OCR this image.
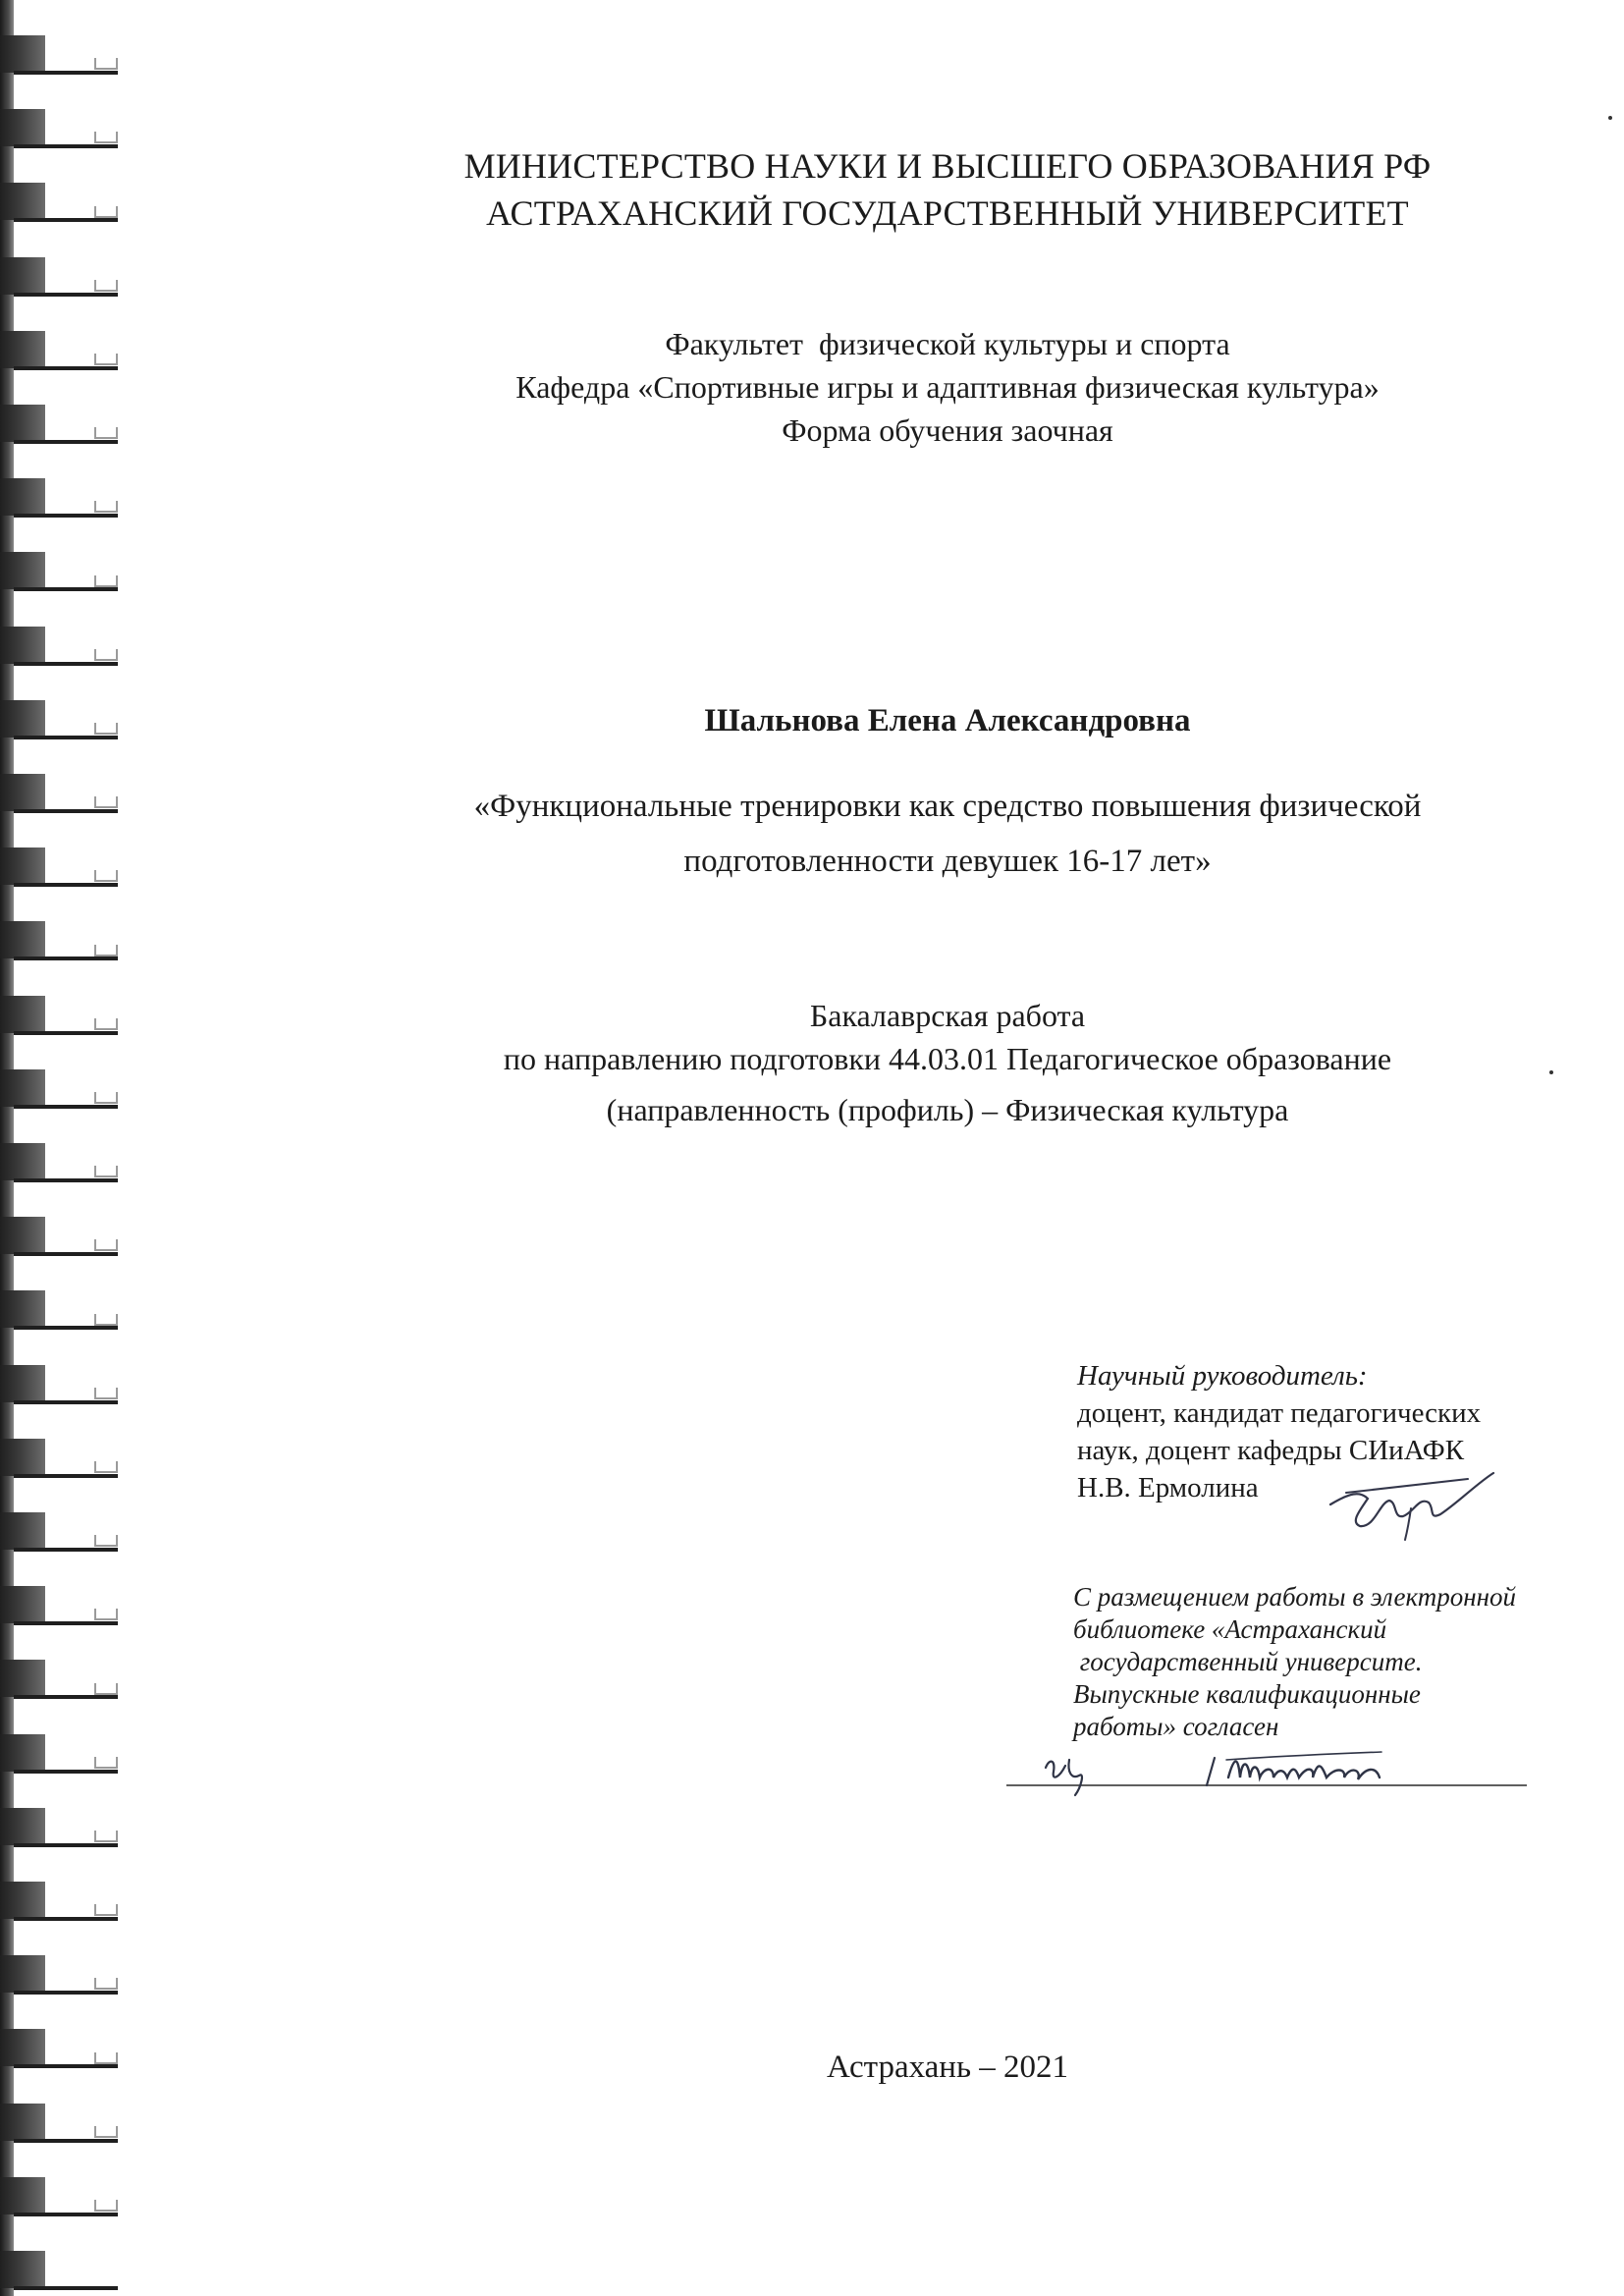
МИНИСТЕРСТВО НАУКИ И ВЫСШЕГО ОБРАЗОВАНИЯ РФ
АСТРАХАНСКИЙ ГОСУДАРСТВЕННЫЙ УНИВЕРСИТЕТ
Факультет  физической культуры и спорта
Кафедра «Спортивные игры и адаптивная физическая культура»
Форма обучения заочная
Шальнова Елена Александровна
«Функциональные тренировки как средство повышения физической
подготовленности девушек 16-17 лет»
Бакалаврская работа
по направлению подготовки 44.03.01 Педагогическое образование
(направленность (профиль) – Физическая культура
Научный руководитель:
доцент, кандидат педагогических
наук, доцент кафедры СИиАФК
Н.В. Ермолина
С размещением работы в электронной
библиотеке «Астраханский
государственный университе.
Выпускные квалификационные
работы» согласен
Астрахань – 2021
